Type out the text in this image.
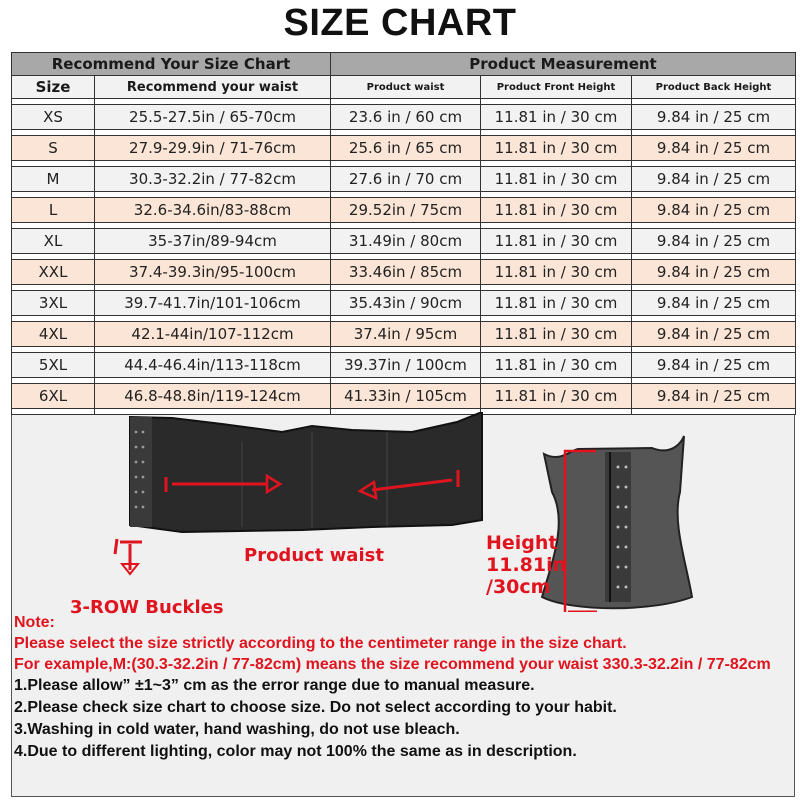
SIZE CHART
Recommend Your Size Chart		Product Measurement		
Size	Recommend your waist	Product waist	Product Front Height	Product Back Height

XS	25.5-27.5in / 65-70cm	23.6 in / 60 cm	11.81 in / 30 cm	9.84 in / 25 cm

S	27.9-29.9in / 71-76cm	25.6 in / 65 cm	11.81 in / 30 cm	9.84 in / 25 cm

M	30.3-32.2in / 77-82cm	27.6 in / 70 cm	11.81 in / 30 cm	9.84 in / 25 cm

L	32.6-34.6in/83-88cm	29.52in / 75cm	11.81 in / 30 cm	9.84 in / 25 cm

XL	35-37in/89-94cm	31.49in / 80cm	11.81 in / 30 cm	9.84 in / 25 cm

XXL	37.4-39.3in/95-100cm	33.46in / 85cm	11.81 in / 30 cm	9.84 in / 25 cm

3XL	39.7-41.7in/101-106cm	35.43in / 90cm	11.81 in / 30 cm	9.84 in / 25 cm

4XL	42.1-44in/107-112cm	37.4in / 95cm	11.81 in / 30 cm	9.84 in / 25 cm

5XL	44.4-46.4in/113-118cm	39.37in / 100cm	11.81 in / 30 cm	9.84 in / 25 cm

6XL	46.8-48.8in/119-124cm	41.33in / 105cm	11.81 in / 30 cm	9.84 in / 25 cm

Product waist
3-ROW Buckles
Height
11.81in
/30cm
Note:
Please select the size strictly according to the centimeter range in the size chart.
For example,M:(30.3-32.2in / 77-82cm) means the size recommend your waist 330.3-32.2in / 77-82cm
1.Please allow” ±1~3” cm as the error range due to manual measure.
2.Please check size chart to choose size. Do not select according to your habit.
3.Washing in cold water, hand washing, do not use bleach.
4.Due to different lighting, color may not 100% the same as in description.
